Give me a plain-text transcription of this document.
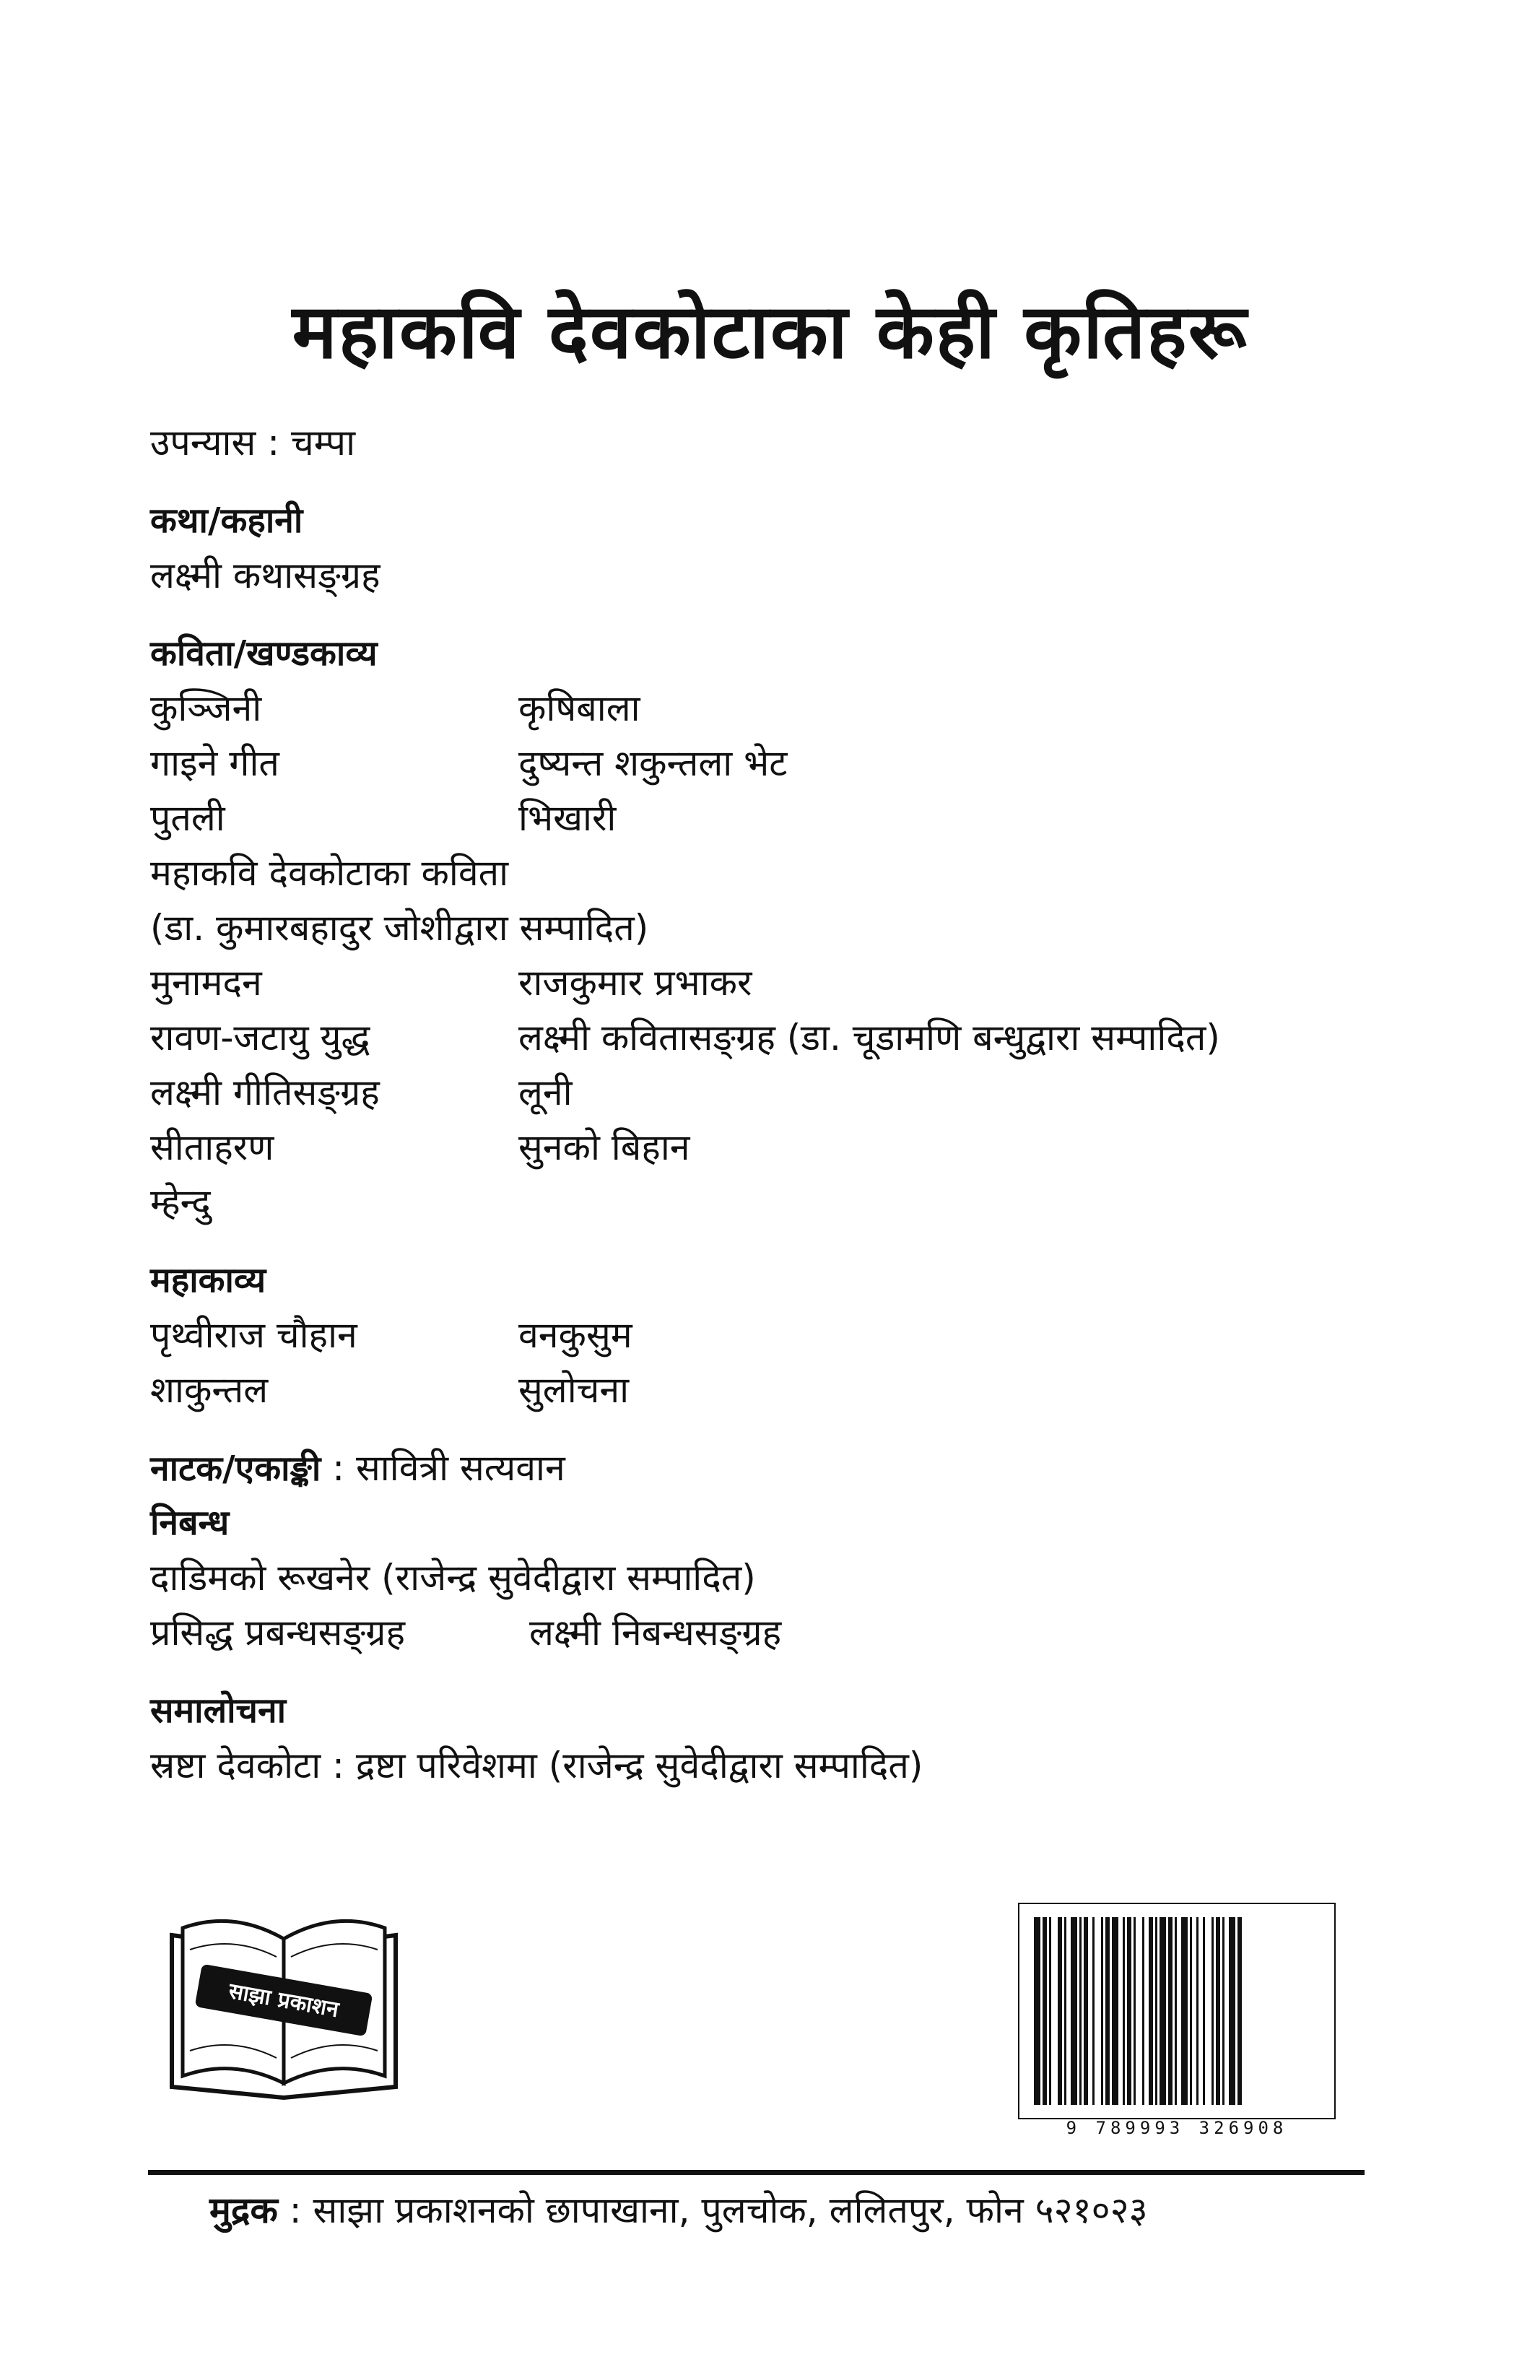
महाकवि देवकोटाका केही कृतिहरू
उपन्यास : चम्पा
कथा/कहानी
लक्ष्मी कथासङ्ग्रह
कविता/खण्डकाव्य
कुञ्जिनी	कृषिबाला
गाइने गीत	दुष्यन्त शकुन्तला भेट
पुतली	भिखारी
महाकवि देवकोटाका कविता
(डा. कुमारबहादुर जोशीद्वारा सम्पादित)
मुनामदन	राजकुमार प्रभाकर
रावण-जटायु युद्ध	लक्ष्मी कवितासङ्ग्रह (डा. चूडामणि बन्धुद्वारा सम्पादित)
लक्ष्मी गीतिसङ्ग्रह	लूनी
सीताहरण	सुनको बिहान
म्हेन्दु
महाकाव्य
पृथ्वीराज चौहान	वनकुसुम
शाकुन्तल	सुलोचना
नाटक/एकाङ्की : सावित्री सत्यवान
निबन्ध
दाडिमको रूखनेर (राजेन्द्र सुवेदीद्वारा सम्पादित)
प्रसिद्ध प्रबन्धसङ्ग्रह	लक्ष्मी निबन्धसङ्ग्रह
समालोचना
स्रष्टा देवकोटा : द्रष्टा परिवेशमा (राजेन्द्र सुवेदीद्वारा सम्पादित)
साझा प्रकाशन
9 789993 326908
मुद्रक : साझा प्रकाशनको छापाखाना, पुलचोक, ललितपुर, फोन ५२१०२३
